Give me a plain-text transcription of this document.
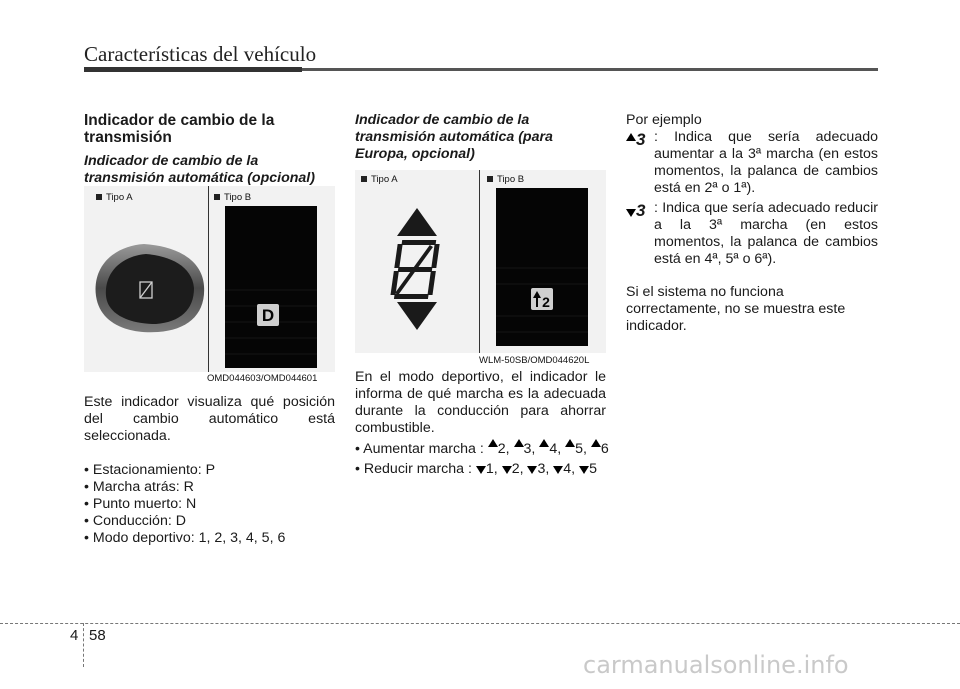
Características del vehículo

Indicador de cambio de la transmisión

Indicador de cambio de la transmisión automática (opcional)

Tipo A	Tipo B
D
OMD044603/OMD044601

Este indicador visualiza qué posición del cambio automático está seleccionada.

• Estacionamiento: P
• Marcha atrás: R
• Punto muerto: N
• Conducción: D
• Modo deportivo: 1, 2, 3, 4, 5, 6

Indicador de cambio de la transmisión automática (para Europa, opcional)

Tipo A	Tipo B
2
WLM-50SB/OMD044620L

En el modo deportivo, el indicador le informa de qué marcha es la adecuada durante la conducción para ahorrar combustible.

• Aumentar marcha : 2, 3, 4, 5, 6
• Reducir marcha : 1, 2, 3, 4, 5

Por ejemplo

3 : Indica que sería adecuado aumentar a la 3ª marcha (en estos momentos, la palanca de cambios está en 2ª o 1ª).
3 : Indica que sería adecuado reducir a la 3ª marcha (en estos momentos, la palanca de cambios está en 4ª, 5ª o 6ª).

Si el sistema no funciona correctamente, no se muestra este indicador.

4 58
carmanualsonline.info
